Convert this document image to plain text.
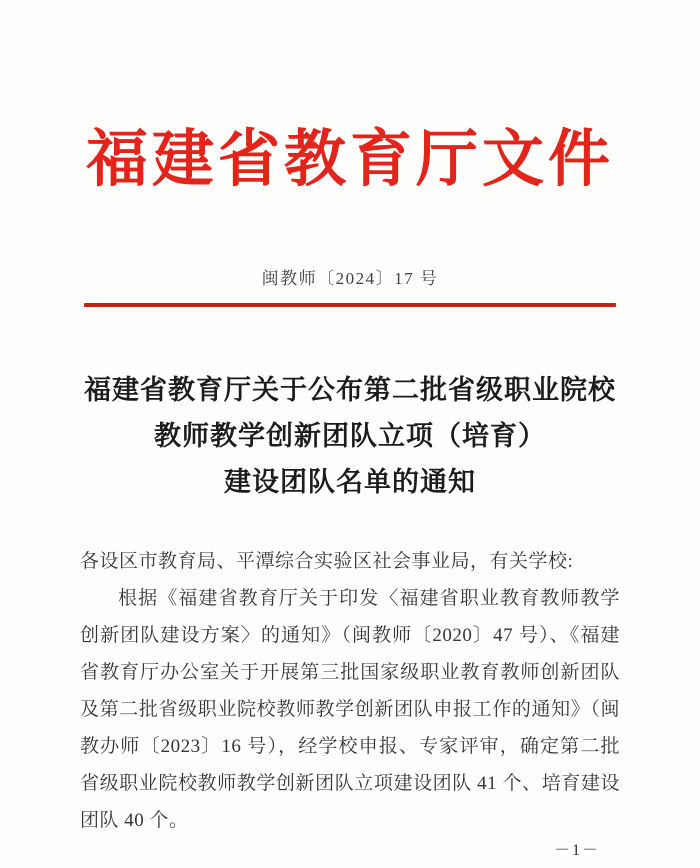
福建省教育厅文件
闽教师〔2024〕17 号
福建省教育厅关于公布第二批省级职业院校
教师教学创新团队立项（培育）
建设团队名单的通知

各设区市教育局、平潭综合实验区社会事业局，有关学校:

根据《福建省教育厅关于印发〈福建省职业教育教师教学创新团队建设方案〉的通知》（闽教师〔2020〕47 号）、《福建省教育厅办公室关于开展第三批国家级职业教育教师创新团队及第二批省级职业院校教师教学创新团队申报工作的通知》（闽教办师〔2023〕16 号），经学校申报、专家评审，确定第二批省级职业院校教师教学创新团队立项建设团队 41 个、培育建设团队 40 个。

－1－
